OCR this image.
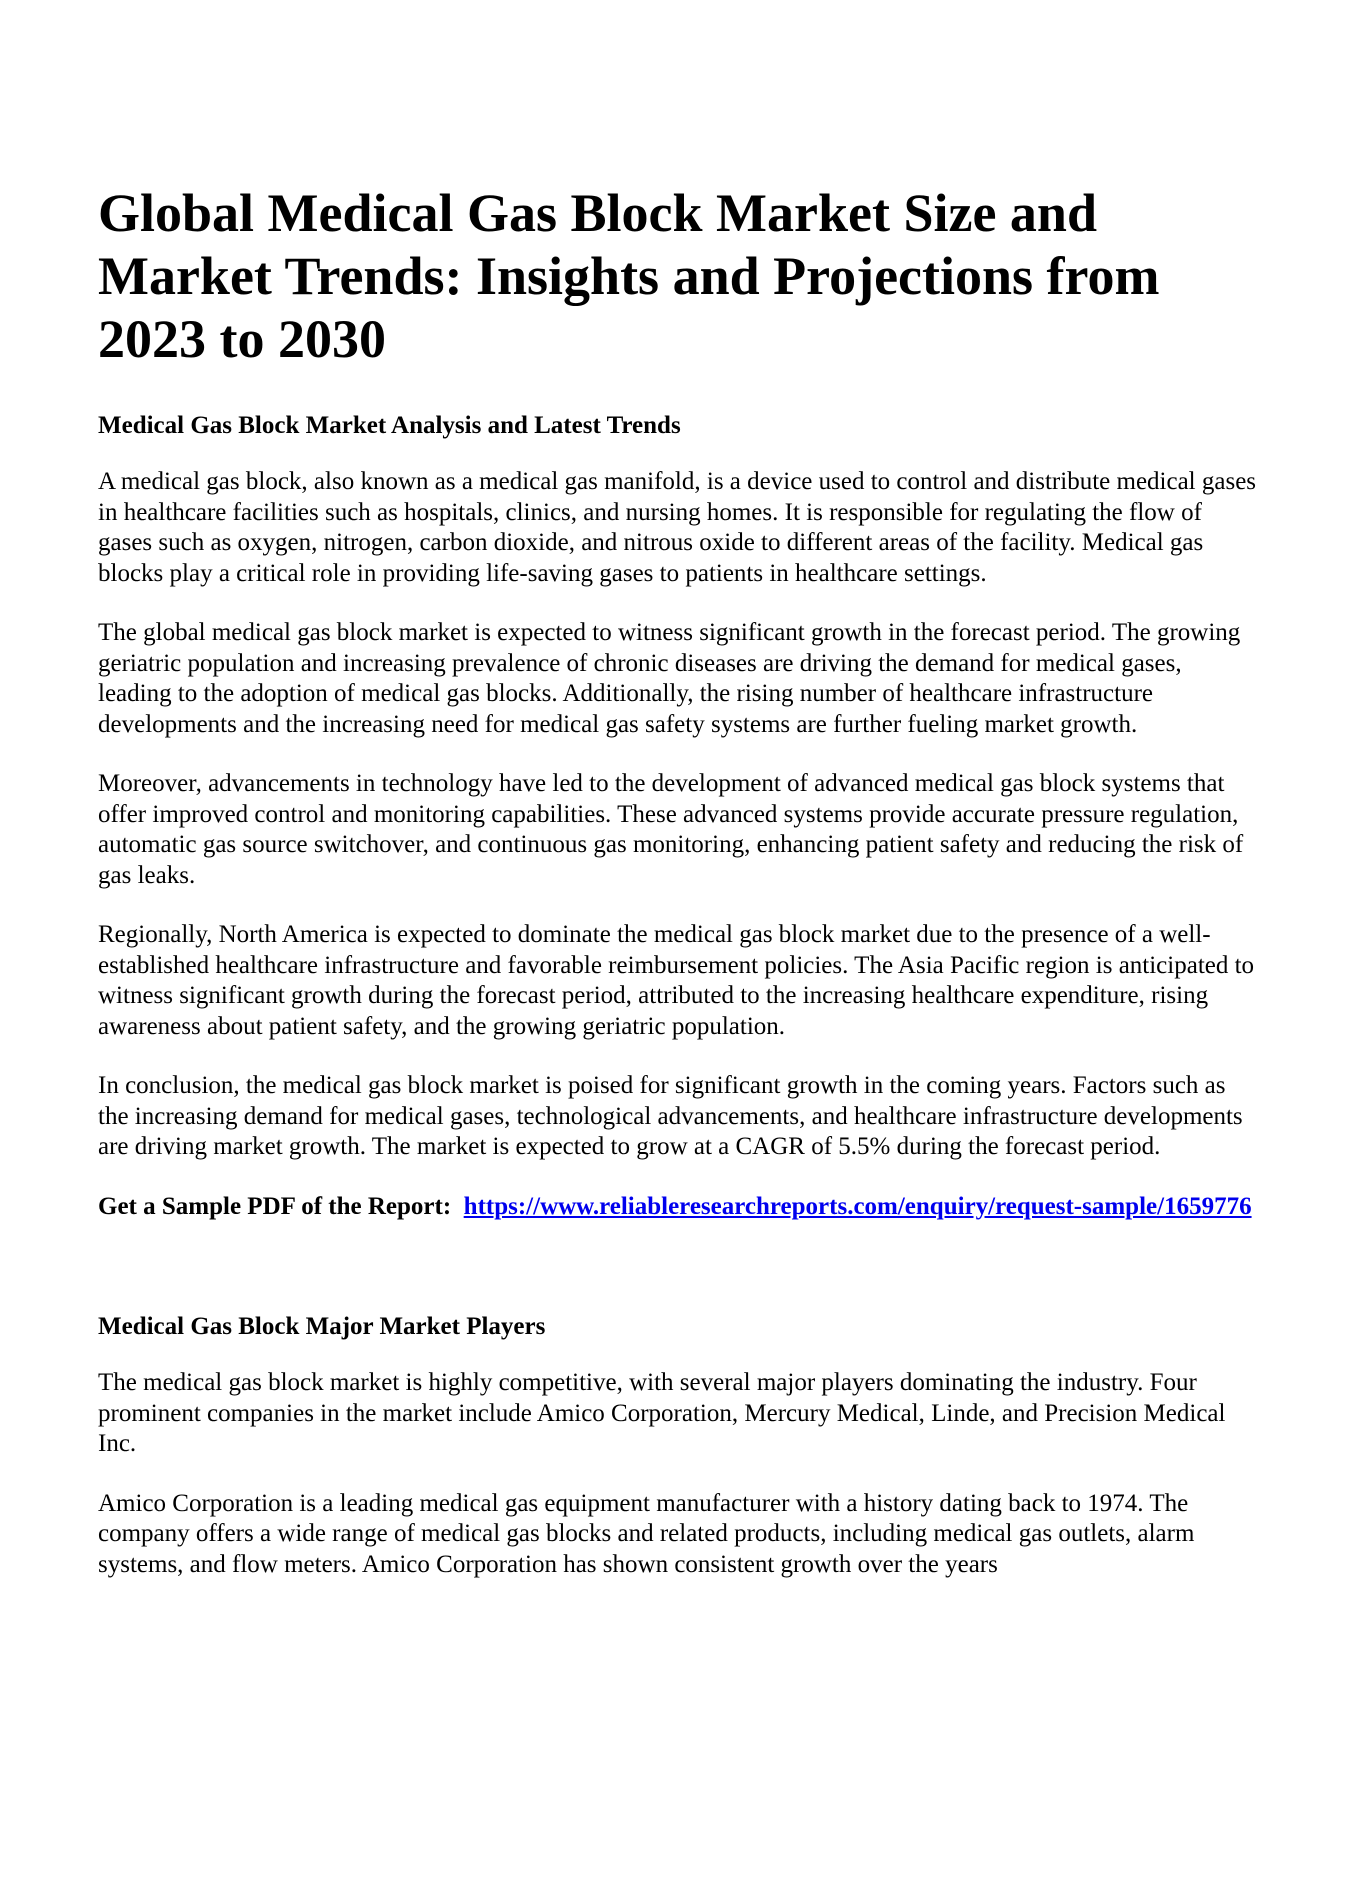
Global Medical Gas Block Market Size and Market Trends: Insights and Projections from 2023 to 2030
Medical Gas Block Market Analysis and Latest Trends

A medical gas block, also known as a medical gas manifold, is a device used to control and distribute medical gases in healthcare facilities such as hospitals, clinics, and nursing homes. It is responsible for regulating the flow of gases such as oxygen, nitrogen, carbon dioxide, and nitrous oxide to different areas of the facility. Medical gas blocks play a critical role in providing life-saving gases to patients in healthcare settings.

The global medical gas block market is expected to witness significant growth in the forecast period. The growing geriatric population and increasing prevalence of chronic diseases are driving the demand for medical gases, leading to the adoption of medical gas blocks. Additionally, the rising number of healthcare infrastructure developments and the increasing need for medical gas safety systems are further fueling market growth.

Moreover, advancements in technology have led to the development of advanced medical gas block systems that offer improved control and monitoring capabilities. These advanced systems provide accurate pressure regulation, automatic gas source switchover, and continuous gas monitoring, enhancing patient safety and reducing the risk of gas leaks.

Regionally, North America is expected to dominate the medical gas block market due to the presence of a well-established healthcare infrastructure and favorable reimbursement policies. The Asia Pacific region is anticipated to witness significant growth during the forecast period, attributed to the increasing healthcare expenditure, rising awareness about patient safety, and the growing geriatric population.

In conclusion, the medical gas block market is poised for significant growth in the coming years. Factors such as the increasing demand for medical gases, technological advancements, and healthcare infrastructure developments are driving market growth. The market is expected to grow at a CAGR of 5.5% during the forecast period.

Get a Sample PDF of the Report: https://www.reliableresearchreports.com/enquiry/request-sample/1659776

Medical Gas Block Major Market Players

The medical gas block market is highly competitive, with several major players dominating the industry. Four prominent companies in the market include Amico Corporation, Mercury Medical, Linde, and Precision Medical Inc.

Amico Corporation is a leading medical gas equipment manufacturer with a history dating back to 1974. The company offers a wide range of medical gas blocks and related products, including medical gas outlets, alarm systems, and flow meters. Amico Corporation has shown consistent growth over the years
